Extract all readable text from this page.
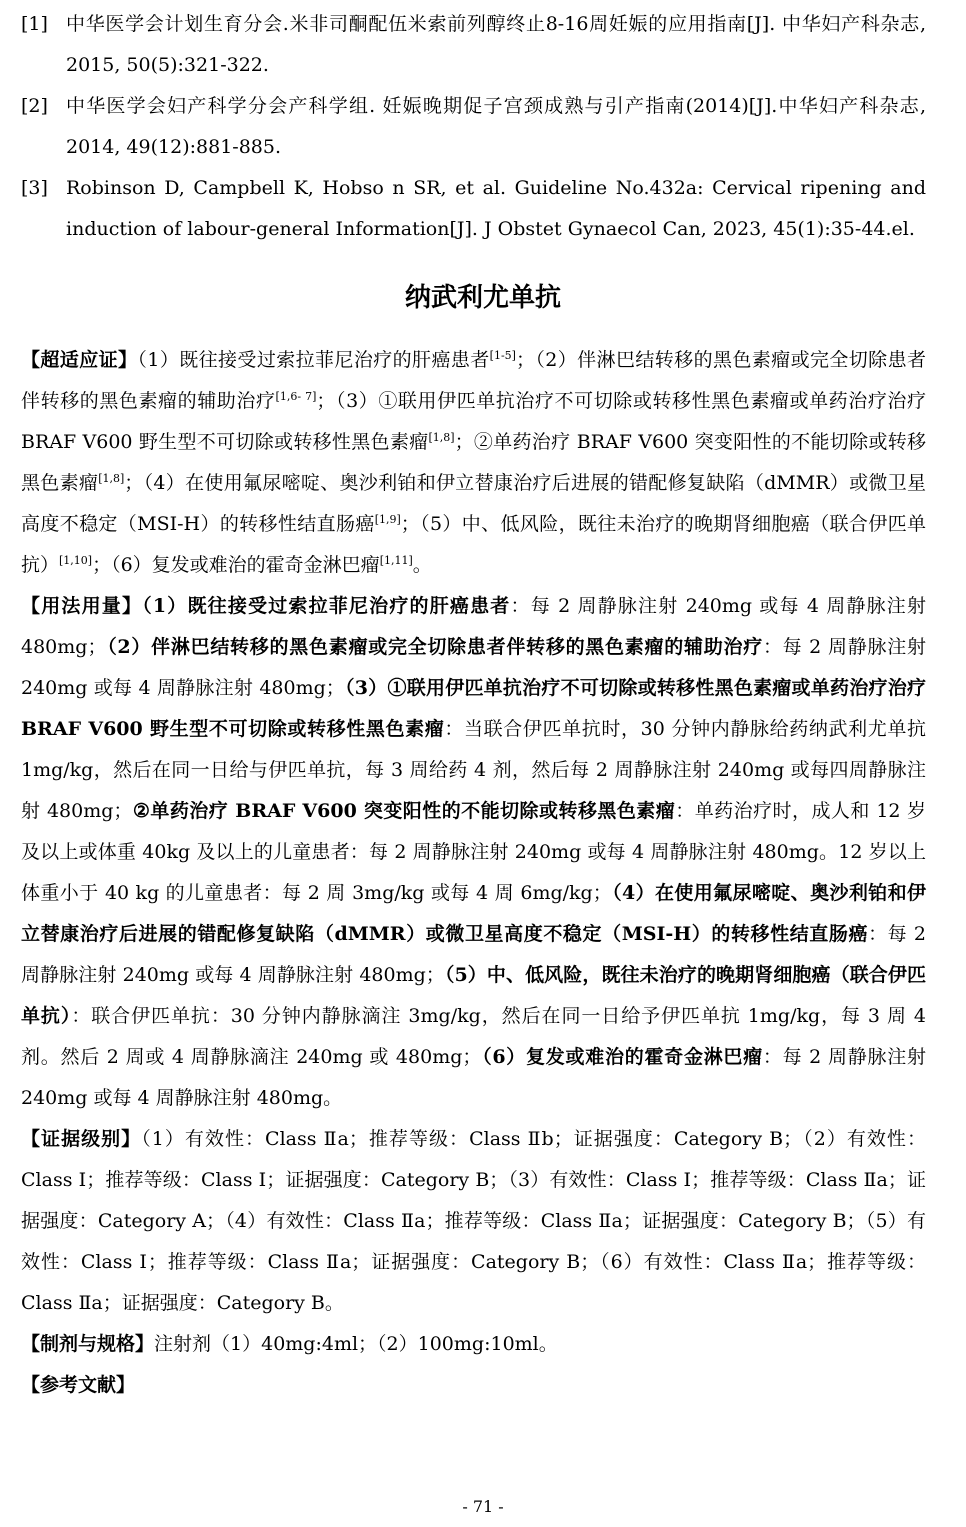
[1] 中华医学会计划生育分会.米非司酮配伍米索前列醇终止8-16周妊娠的应用指南[J]. 中华妇产科杂志, 2015, 50(5):321-322.
[2] 中华医学会妇产科学分会产科学组. 妊娠晚期促子宫颈成熟与引产指南(2014)[J].中华妇产科杂志, 2014, 49(12):881-885.
[3] Robinson D, Campbell K, Hobso n SR, et al. Guideline No.432a: Cervical ripening and induction of labour-general Information[J]. J Obstet Gynaecol Can, 2023, 45(1):35-44.el.
纳武利尤单抗

【超适应证】（1）既往接受过索拉菲尼治疗的肝癌患者[1-5]；（2）伴淋巴结转移的黑色素瘤或完全切除患者伴转移的黑色素瘤的辅助治疗[1,6- 7]；（3）①联用伊匹单抗治疗不可切除或转移性黑色素瘤或单药治疗治疗 BRAF V600 野生型不可切除或转移性黑色素瘤[1,8]；②单药治疗 BRAF V600 突变阳性的不能切除或转移黑色素瘤[1,8]；（4）在使用氟尿嘧啶、奥沙利铂和伊立替康治疗后进展的错配修复缺陷（dMMR）或微卫星高度不稳定（MSI-H）的转移性结直肠癌[1,9]；（5）中、低风险，既往未治疗的晚期肾细胞癌（联合伊匹单抗）[1,10]；（6）复发或难治的霍奇金淋巴瘤[1,11]。

【用法用量】（1）既往接受过索拉菲尼治疗的肝癌患者：每 2 周静脉注射 240mg 或每 4 周静脉注射 480mg；（2）伴淋巴结转移的黑色素瘤或完全切除患者伴转移的黑色素瘤的辅助治疗：每 2 周静脉注射 240mg 或每 4 周静脉注射 480mg；（3）①联用伊匹单抗治疗不可切除或转移性黑色素瘤或单药治疗治疗 BRAF V600 野生型不可切除或转移性黑色素瘤：当联合伊匹单抗时，30 分钟内静脉给药纳武利尤单抗 1mg/kg，然后在同一日给与伊匹单抗，每 3 周给药 4 剂，然后每 2 周静脉注射 240mg 或每四周静脉注射 480mg；②单药治疗 BRAF V600 突变阳性的不能切除或转移黑色素瘤：单药治疗时，成人和 12 岁及以上或体重 40kg 及以上的儿童患者：每 2 周静脉注射 240mg 或每 4 周静脉注射 480mg。12 岁以上体重小于 40 kg 的儿童患者：每 2 周 3mg/kg 或每 4 周 6mg/kg；（4）在使用氟尿嘧啶、奥沙利铂和伊立替康治疗后进展的错配修复缺陷（dMMR）或微卫星高度不稳定（MSI-H）的转移性结直肠癌：每 2 周静脉注射 240mg 或每 4 周静脉注射 480mg；（5）中、低风险，既往未治疗的晚期肾细胞癌（联合伊匹单抗）：联合伊匹单抗：30 分钟内静脉滴注 3mg/kg，然后在同一日给予伊匹单抗 1mg/kg，每 3 周 4 剂。然后 2 周或 4 周静脉滴注 240mg 或 480mg；（6）复发或难治的霍奇金淋巴瘤：每 2 周静脉注射 240mg 或每 4 周静脉注射 480mg。

【证据级别】（1）有效性：Class Ⅱa；推荐等级：Class Ⅱb；证据强度：Category B；（2）有效性：Class Ⅰ；推荐等级：Class Ⅰ；证据强度：Category B；（3）有效性：Class Ⅰ；推荐等级：Class Ⅱa；证据强度：Category A；（4）有效性：Class Ⅱa；推荐等级：Class Ⅱa；证据强度：Category B；（5）有效性：Class Ⅰ；推荐等级：Class Ⅱa；证据强度：Category B；（6）有效性：Class Ⅱa；推荐等级：Class Ⅱa；证据强度：Category B。

【制剂与规格】注射剂（1）40mg:4ml；（2）100mg:10ml。

【参考文献】

- 71 -
